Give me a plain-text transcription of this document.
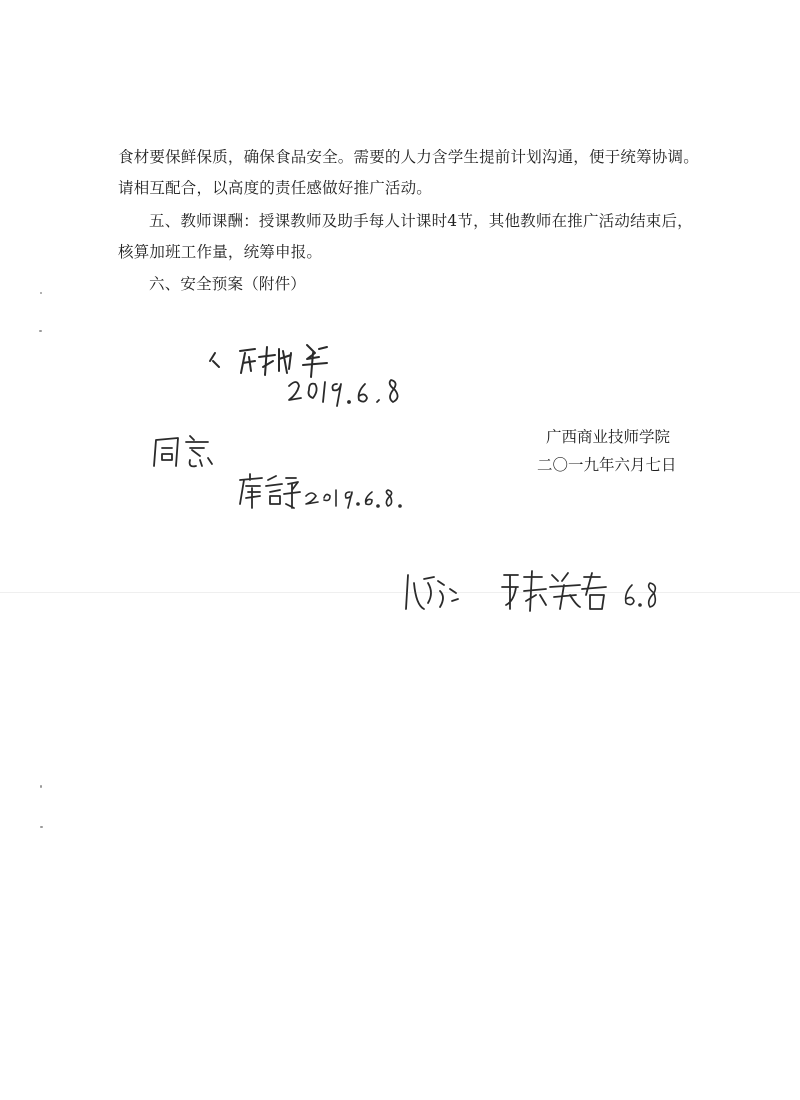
食材要保鲜保质，确保食品安全。需要的人力含学生提前计划沟通，便于统筹协调。

请相互配合，以高度的责任感做好推广活动。

五、教师课酬：授课教师及助手每人计课时4节，其他教师在推广活动结束后，

核算加班工作量，统筹申报。

六、安全预案（附件）

广西商业技师学院
二〇一九年六月七日
